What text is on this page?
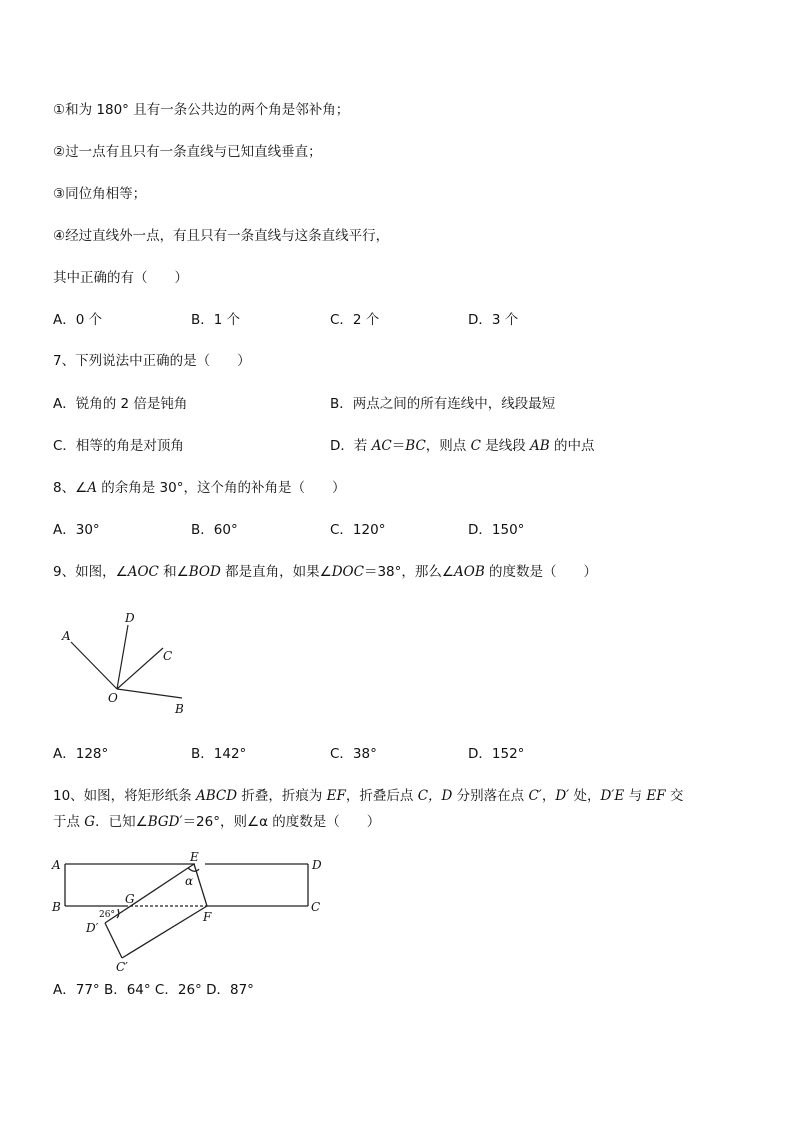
①和为 180° 且有一条公共边的两个角是邻补角；
②过一点有且只有一条直线与已知直线垂直；
③同位角相等；
④经过直线外一点，有且只有一条直线与这条直线平行，
其中正确的有（　　）
A．0 个	B．1 个	C．2 个	D．3 个
7、下列说法中正确的是（　　）
A．锐角的 2 倍是钝角	B．两点之间的所有连线中，线段最短
C．相等的角是对顶角	D．若 AC＝BC，则点 C 是线段 AB 的中点
8、∠A 的余角是 30°，这个角的补角是（　　）
A．30°	B．60°	C．120°	D．150°
9、如图，∠AOC 和∠BOD 都是直角，如果∠DOC＝38°，那么∠AOB 的度数是（　　）
A
D
C
O
B
A．128°	B．142°	C．38°	D．152°
10、如图，将矩形纸条 ABCD 折叠，折痕为 EF，折叠后点 C，D 分别落在点 C′，D′ 处，D′E 与 EF 交
于点 G．已知∠BGD′＝26°，则∠α 的度数是（　　）
A
E
D
B
G
F
C
D′
C′
α
26°
A．77° B．64° C．26° D．87°
